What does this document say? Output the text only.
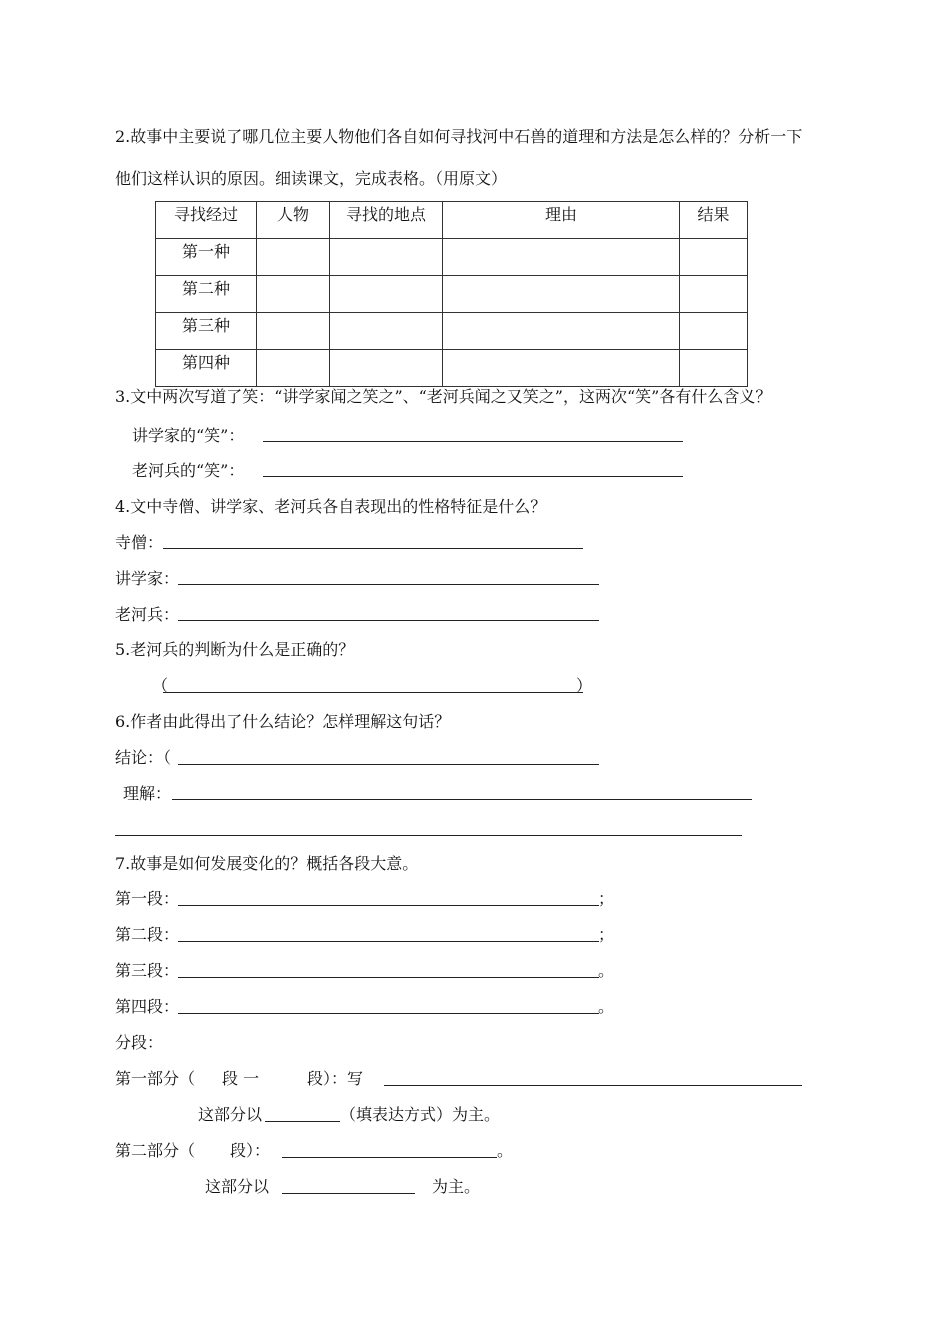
2.故事中主要说了哪几位主要人物他们各自如何寻找河中石兽的道理和方法是怎么样的？分析一下
他们这样认识的原因。细读课文，完成表格。（用原文）
寻找经过	人物	寻找的地点	理由	结果
第一种				
第二种				
第三种				
第四种				
3.文中两次写道了笑：“讲学家闻之笑之”、“老河兵闻之又笑之”，这两次“笑”各有什么含义？
讲学家的“笑”：
老河兵的“笑”：
4.文中寺僧、讲学家、老河兵各自表现出的性格特征是什么？
寺僧：
讲学家：
老河兵：
5.老河兵的判断为什么是正确的？
（	）
6.作者由此得出了什么结论？怎样理解这句话？
结论：（
理解：
7.故事是如何发展变化的？概括各段大意。
第一段：	；
第二段：	；
第三段：	。
第四段：	。
分段：
第一部分（ 段 一	段）：写
这部分以	（填表达方式）为主。
第二部分（ 段）：	。
这部分以	为主。
